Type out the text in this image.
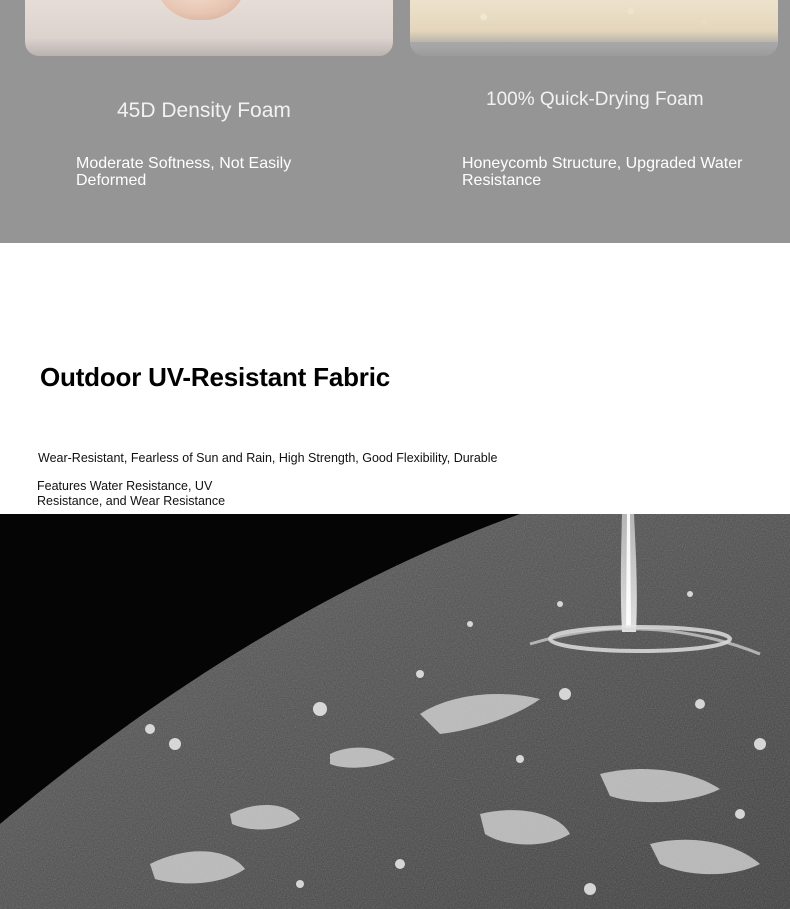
45D Density Foam
Moderate Softness, Not Easily Deformed
100% Quick-Drying Foam
Honeycomb Structure, Upgraded Water Resistance
Outdoor UV-Resistant Fabric
Wear-Resistant, Fearless of Sun and Rain, High Strength, Good Flexibility, Durable
Features Water Resistance, UV Resistance, and Wear Resistance
